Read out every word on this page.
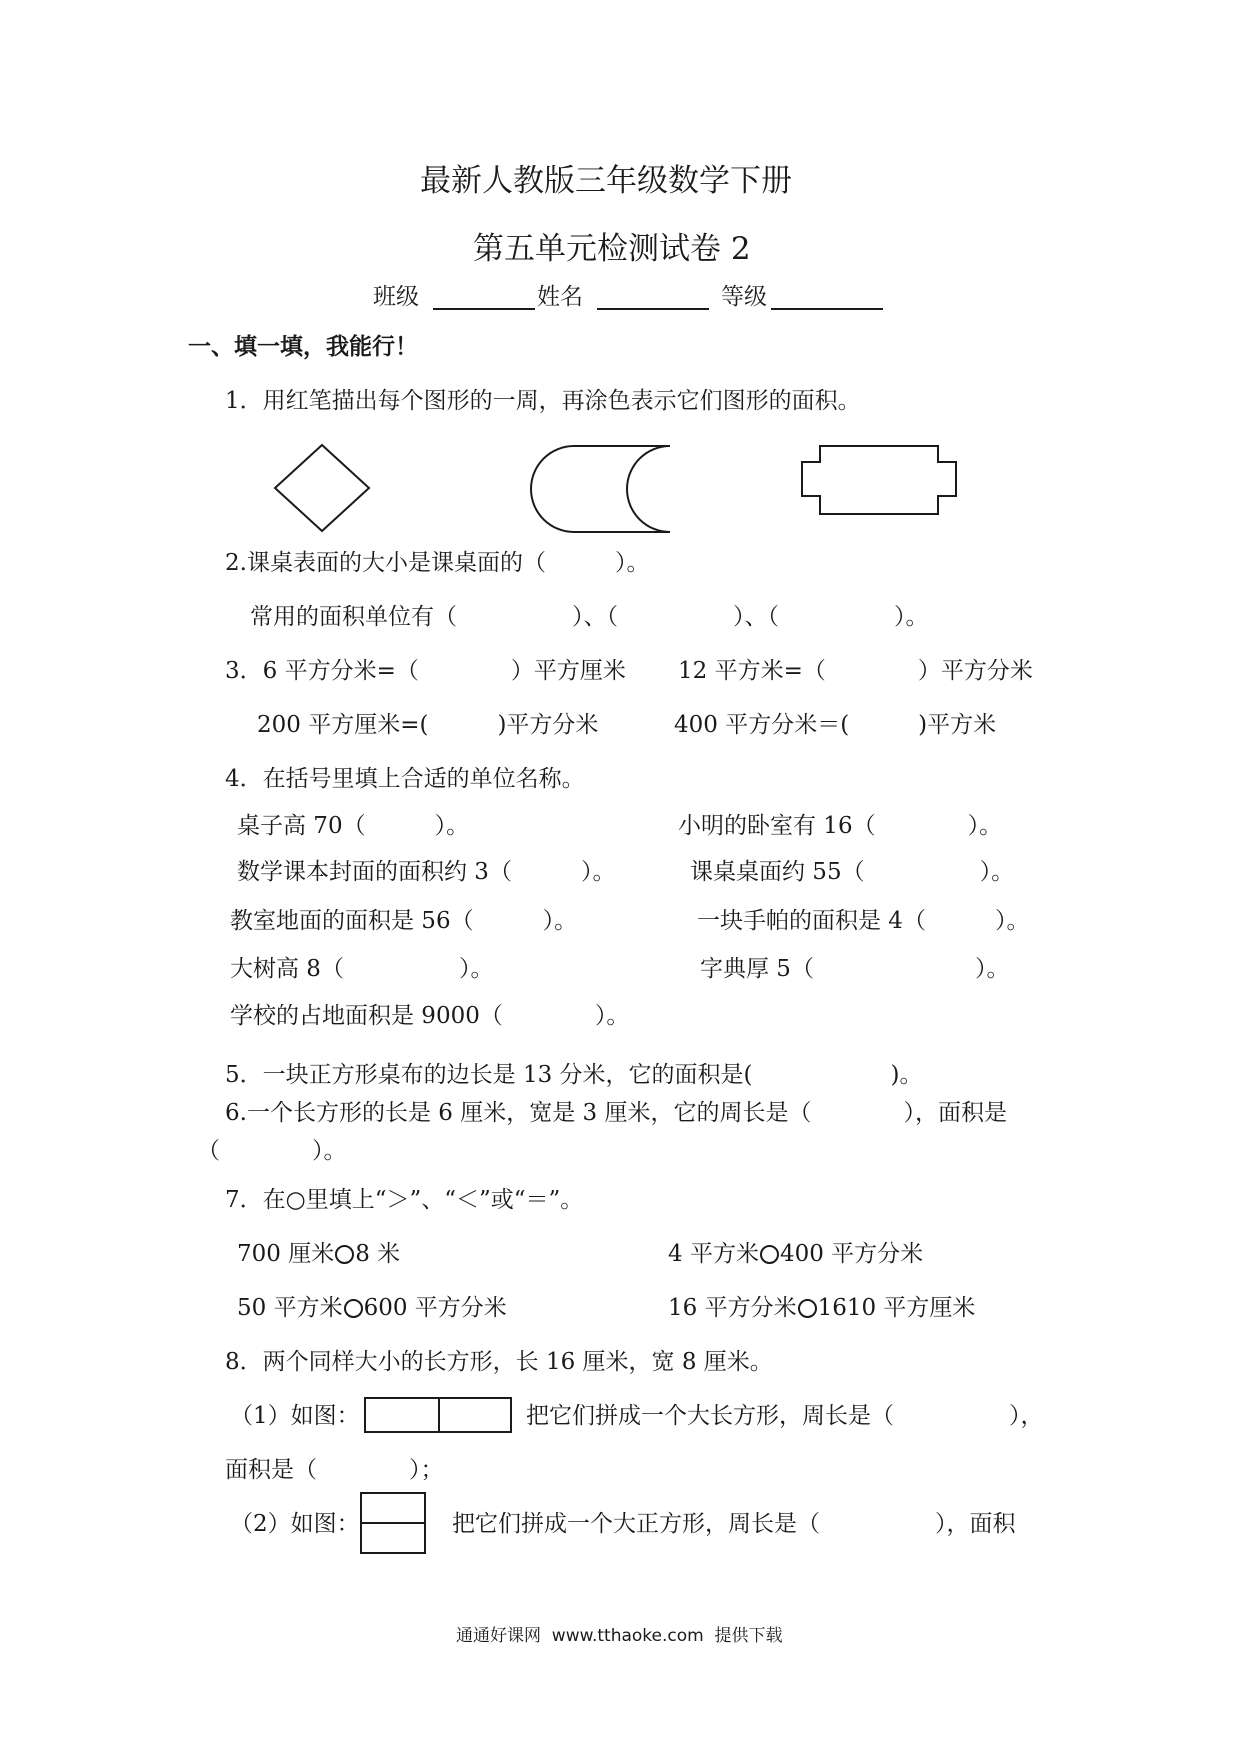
最新人教版三年级数学下册
第五单元检测试卷 2
班级	姓名	等级
一、填一填，我能行！
1．用红笔描出每个图形的一周，再涂色表示它们图形的面积。
2.课桌表面的大小是课桌面的（　　　）。
常用的面积单位有（　　　　　）、（　　　　　）、（　　　　　）。
3．6 平方分米=（　　　　）平方厘米 12 平方米=（　　　　）平方分米
200 平方厘米=(　　　)平方分米	400 平方分米＝(　　　)平方米
4．在括号里填上合适的单位名称。
桌子高 70（　　　）。	小明的卧室有 16（　　　　）。
数学课本封面的面积约 3（　　　）。	课桌桌面约 55（　　　　　）。
教室地面的面积是 56（　　　）。	一块手帕的面积是 4（　　　）。
大树高 8（　　　　　）。	字典厚 5（　　　　　　　）。
学校的占地面积是 9000（　　　　）。
5．一块正方形桌布的边长是 13 分米，它的面积是(　　　　　　)。
6.一个长方形的长是 6 厘米，宽是 3 厘米，它的周长是（　　　　），面积是
（　　　　）。
7．在○里填上“＞”、“＜”或“＝”。
700 厘米 8 米	4 平方米 400 平方分米
50 平方米 600 平方分米	16 平方分米 1610 平方厘米
8．两个同样大小的长方形，长 16 厘米，宽 8 厘米。
（1）如图：	把它们拼成一个大长方形，周长是（　　　　　），
面积是（　　　　）；
（2）如图：	把它们拼成一个大正方形，周长是（　　　　　），面积
通通好课网  www.tthaoke.com  提供下载
